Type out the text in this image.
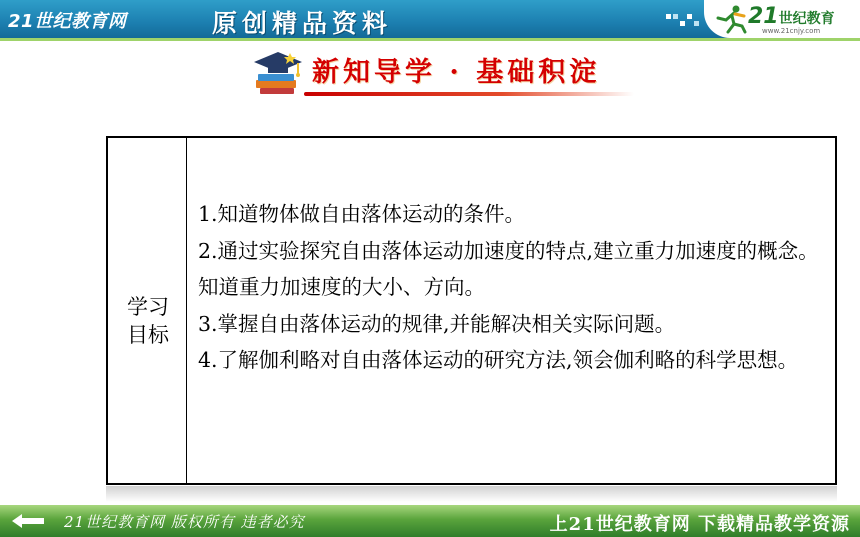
21世纪教育网	原创精品资料	21世纪教育
www.21cnjy.com
新知导学 · 基础积淀
学习目标

1.知道物体做自由落体运动的条件。

2.通过实验探究自由落体运动加速度的特点,建立重力加速度的概念。知道重力加速度的大小、方向。

3.掌握自由落体运动的规律,并能解决相关实际问题。

4.了解伽利略对自由落体运动的研究方法,领会伽利略的科学思想。

21世纪教育网 版权所有 违者必究	上21世纪教育网 下载精品教学资源
